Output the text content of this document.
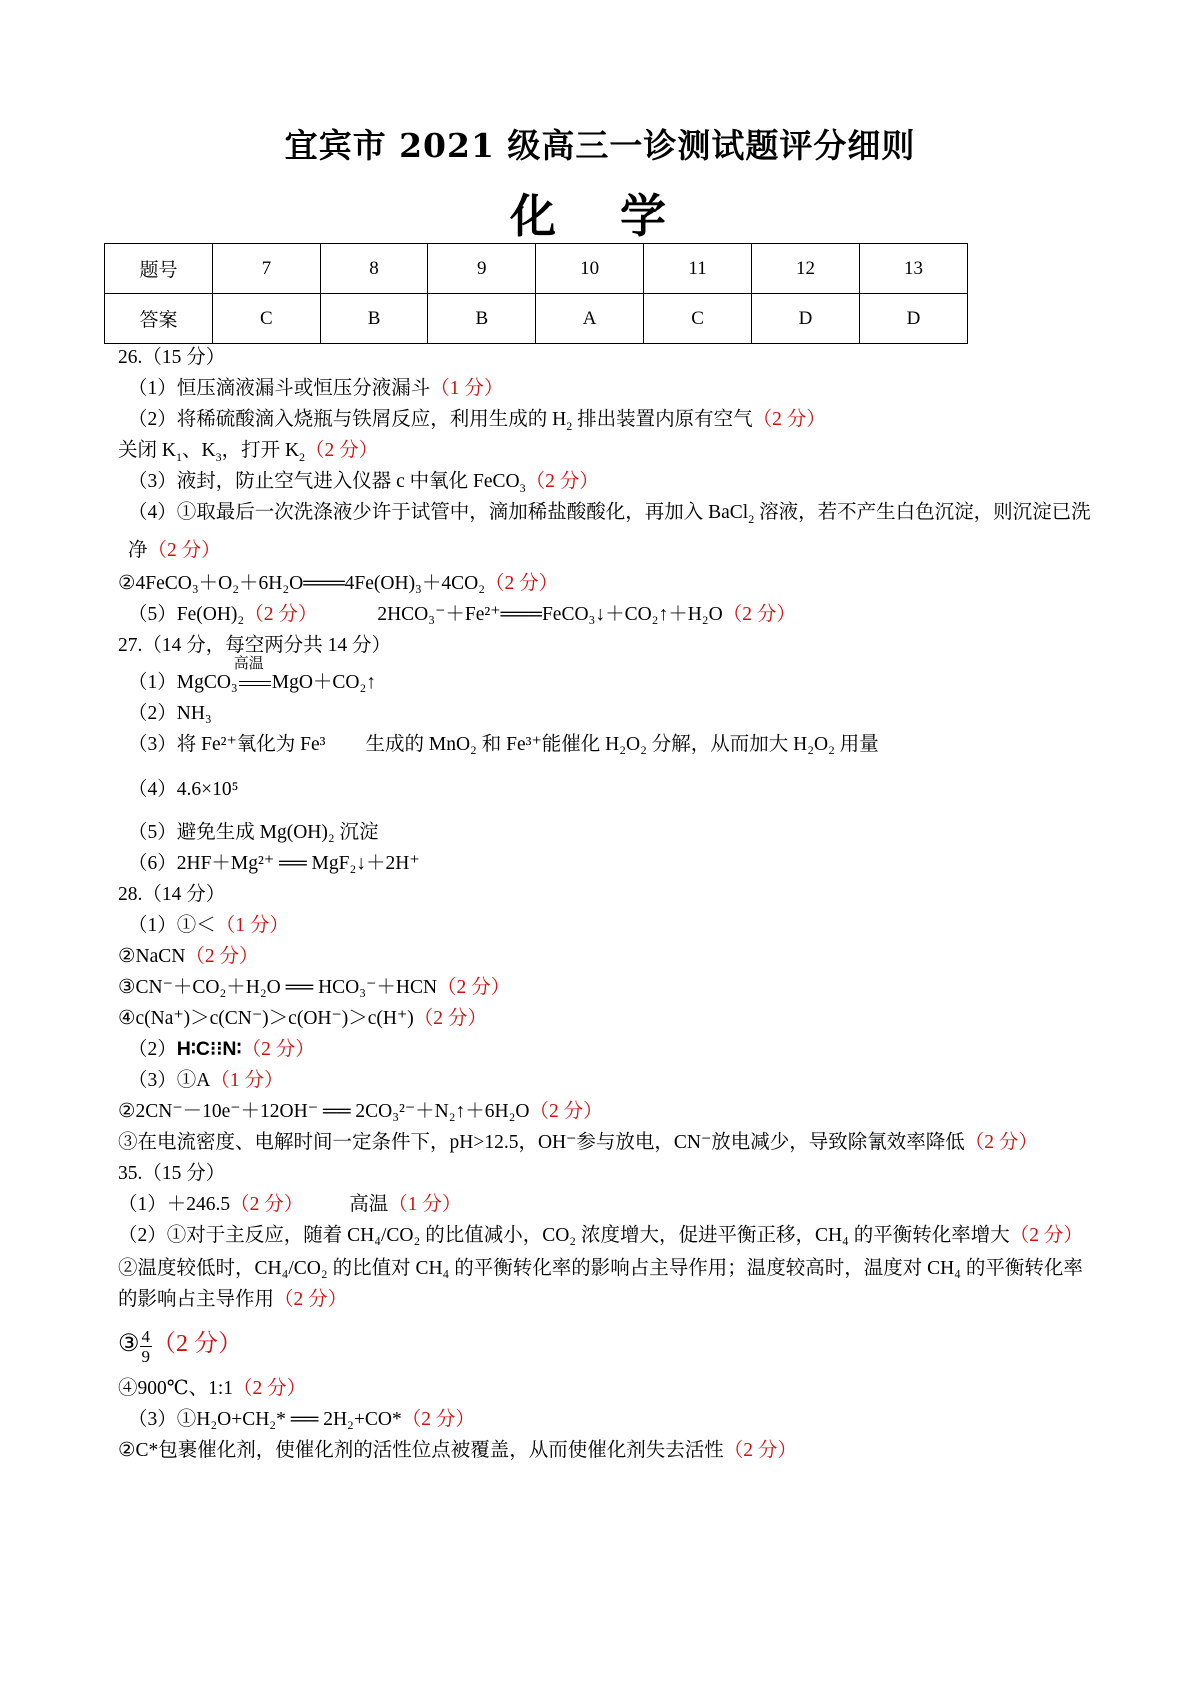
宜宾市 2021 级高三一诊测试题评分细则
化 学
题号	7	8	9	10	11	12	13
答案	C	B	B	A	C	D	D
26.（15 分）
（1）恒压滴液漏斗或恒压分液漏斗（1 分）
（2）将稀硫酸滴入烧瓶与铁屑反应，利用生成的 $H_2$ 排出装置内原有空气（2 分）
关闭 $K_1$、$K_3$，打开 $K_2(2$ 分）
（3）液封，防止空气进入仪器 c 中氧化 FeCO$_3$（2 分）
（4）①取最后一次洗涤液少许于试管中，滴加稀盐酸酸化，再加入 BaCl$_2$ 溶液，若不产生白色沉淀，则沉淀已洗净（2 分）
②4FeCO₃＋O₂＋6H₂O═══4Fe(OH)₃＋4CO₂（2 分）
（5）Fe(OH)₂（2 分）	2HCO₃⁻＋Fe²⁺═══FeCO₃↓＋CO₂↑＋H₂O（2 分）
27.（14 分，每空两分共 14 分）
（1）MgCO₃
高温
MgO＋CO₂↑
（2）NH₃
（3）将 Fe²⁺氧化为 Fe³ 生成的 MnO₂ 和 Fe³⁺能催化 H₂O₂ 分解，从而加大 H₂O₂ 用量
（4）4.6×10⁵
（5）避免生成 Mg(OH)₂ 沉淀
（6）2HF＋Mg²⁺ ══ MgF₂↓＋2H⁺
28.（14 分）
（1）①＜（1 分）
②NaCN（2 分）
③CN⁻＋CO₂＋H₂O ══ HCO₃⁻＋HCN（2 分）
④c(Na⁺)＞c(CN⁻)＞c(OH⁻)＞c(H⁺)（2 分）
（2）H∶C⁝⁝N∶（2 分）
（3）①A（1 分）
②2CN⁻－10e⁻＋12OH⁻ ══ 2CO₃²⁻＋N₂↑＋6H₂O（2 分）
③在电流密度、电解时间一定条件下，pH>12.5，OH⁻参与放电，CN⁻放电减少，导致除氰效率降低（2 分）
35.（15 分）
（1）＋246.5（2 分） 高温（1 分）
（2）①对于主反应，随着 CH₄/CO₂ 的比值减小，CO₂ 浓度增大，促进平衡正移，CH₄ 的平衡转化率增大（2 分）
②温度较低时，CH₄/CO₂ 的比值对 CH₄ 的平衡转化率的影响占主导作用；温度较高时，温度对 CH₄ 的平衡转化率的影响占主导作用（2 分）
③ $\frac{4}{9} (2$ 分）
④900℃、1:1（2 分）
（3）①H₂O+CH₂* ══ 2H₂+CO*（2 分）
②C*包裹催化剂，使催化剂的活性位点被覆盖，从而使催化剂失去活性（2 分）
